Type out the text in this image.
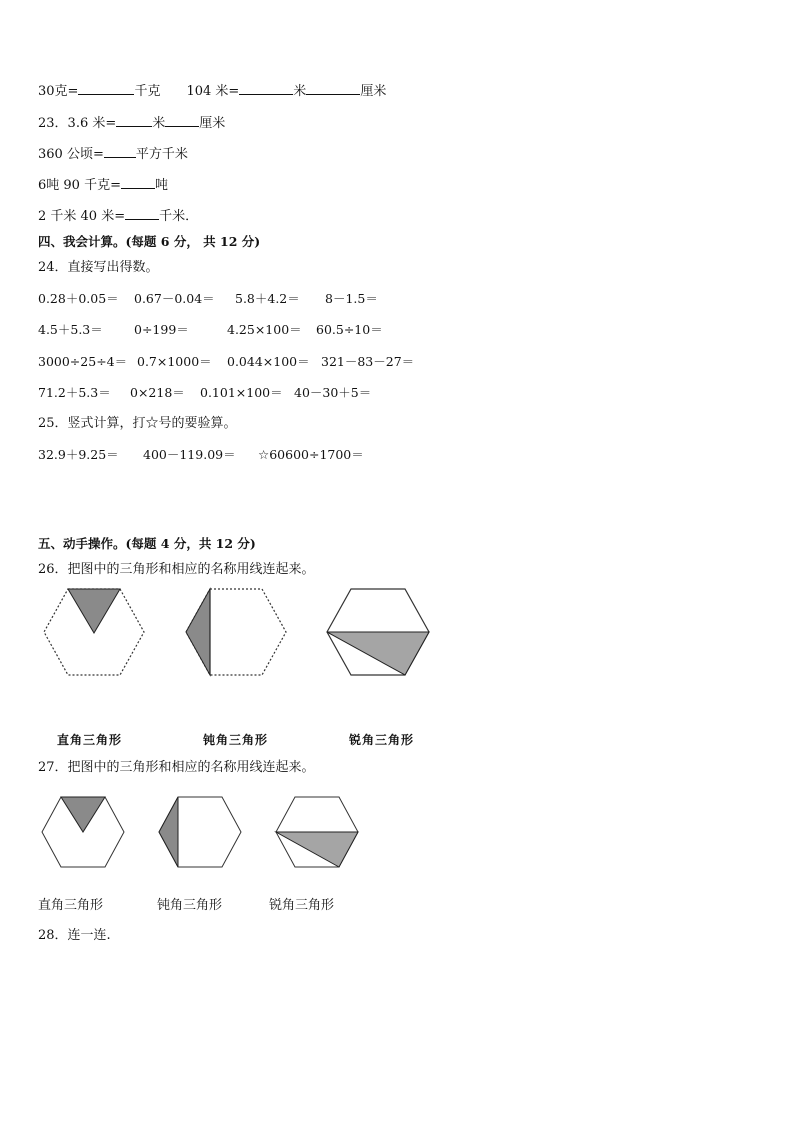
30克=	千克 104 米=	米	厘米
23．3.6 米=	米	厘米
360 公顷= 平方千米
6吨 90 千克=	吨
2 千米 40 米=	千米．
四、我会计算。(每题 6 分， 共 12 分)
24．直接写出得数。
0.28＋0.05＝ 0.67－0.04＝ 5.8＋4.2＝ 8－1.5＝
4.5＋5.3＝ 0÷199＝	4.25×100＝ 60.5÷10＝
3000÷25÷4＝ 0.7×1000＝ 0.044×100＝ 321－83－27＝
71.2＋5.3＝ 0×218＝ 0.101×100＝ 40－30＋5＝
25．竖式计算，打☆号的要验算。
32.9＋9.25＝ 400－119.09＝ ☆60600÷1700＝
五、动手操作。(每题 4 分，共 12 分)
26．把图中的三角形和相应的名称用线连起来。
直角三角形	钝角三角形	锐角三角形
27．把图中的三角形和相应的名称用线连起来。
直角三角形	钝角三角形	锐角三角形
28．连一连.
